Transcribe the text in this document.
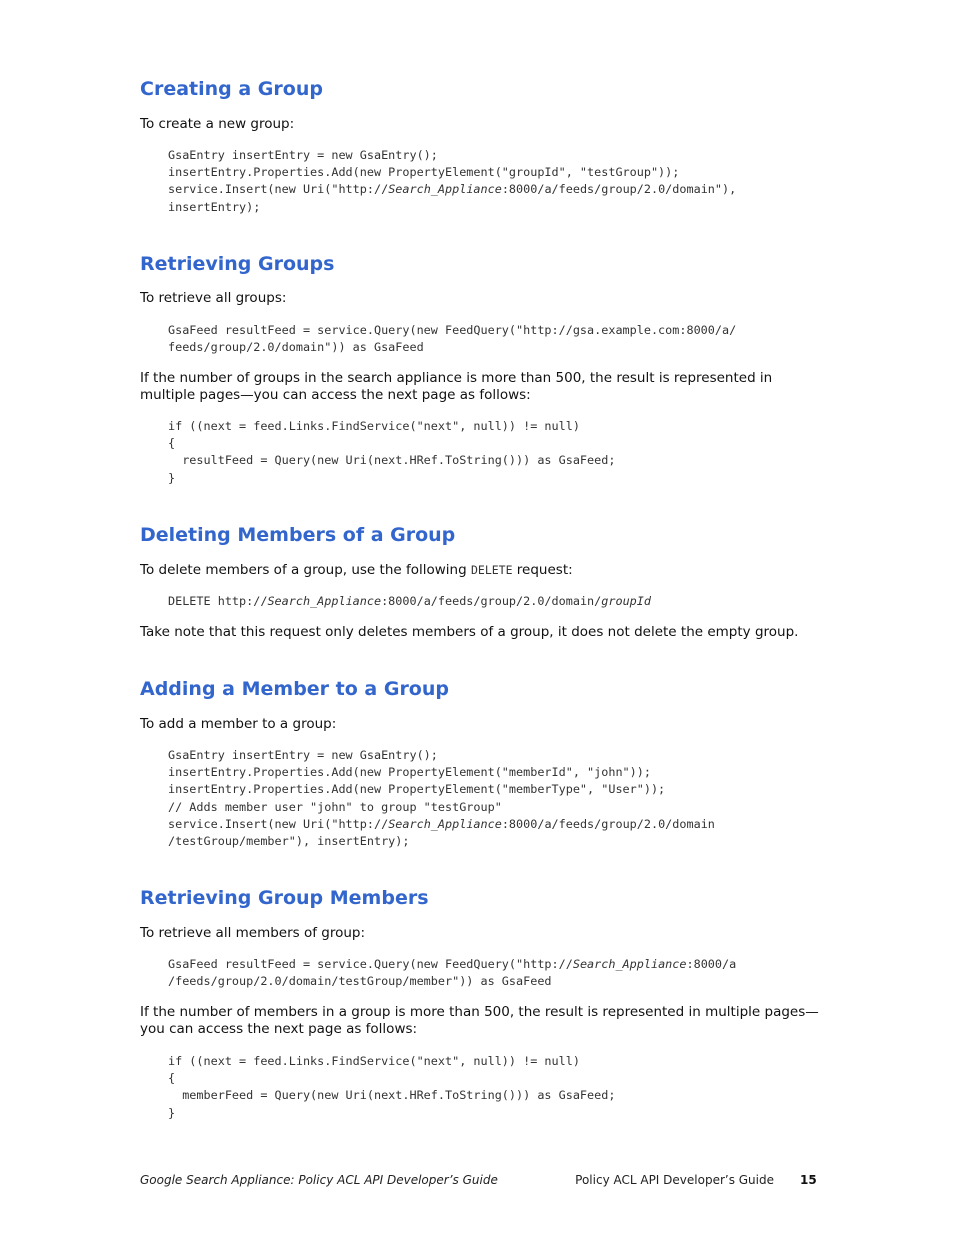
Creating a Group

To create a new group:

GsaEntry insertEntry = new GsaEntry();
insertEntry.Properties.Add(new PropertyElement("groupId", "testGroup"));
service.Insert(new Uri("http://Search_Appliance:8000/a/feeds/group/2.0/domain"),
insertEntry);
Retrieving Groups

To retrieve all groups:

GsaFeed resultFeed = service.Query(new FeedQuery("http://gsa.example.com:8000/a/
feeds/group/2.0/domain")) as GsaFeed

If the number of groups in the search appliance is more than 500, the result is represented in multiple pages—you can access the next page as follows:

if ((next = feed.Links.FindService("next", null)) != null)
{
resultFeed = Query(new Uri(next.HRef.ToString())) as GsaFeed;
}
Deleting Members of a Group

To delete members of a group, use the following DELETE request:

DELETE http://Search_Appliance:8000/a/feeds/group/2.0/domain/groupId

Take note that this request only deletes members of a group, it does not delete the empty group.

Adding a Member to a Group

To add a member to a group:

GsaEntry insertEntry = new GsaEntry();
insertEntry.Properties.Add(new PropertyElement("memberId", "john"));
insertEntry.Properties.Add(new PropertyElement("memberType", "User"));
// Adds member user "john" to group "testGroup"
service.Insert(new Uri("http://Search_Appliance:8000/a/feeds/group/2.0/domain
/testGroup/member"), insertEntry);
Retrieving Group Members

To retrieve all members of group:

GsaFeed resultFeed = service.Query(new FeedQuery("http://Search_Appliance:8000/a
/feeds/group/2.0/domain/testGroup/member")) as GsaFeed

If the number of members in a group is more than 500, the result is represented in multiple pages—you can access the next page as follows:

if ((next = feed.Links.FindService("next", null)) != null)
{
memberFeed = Query(new Uri(next.HRef.ToString())) as GsaFeed;
}
Google Search Appliance: Policy ACL API Developer’s Guide	Policy ACL API Developer’s Guide 15
